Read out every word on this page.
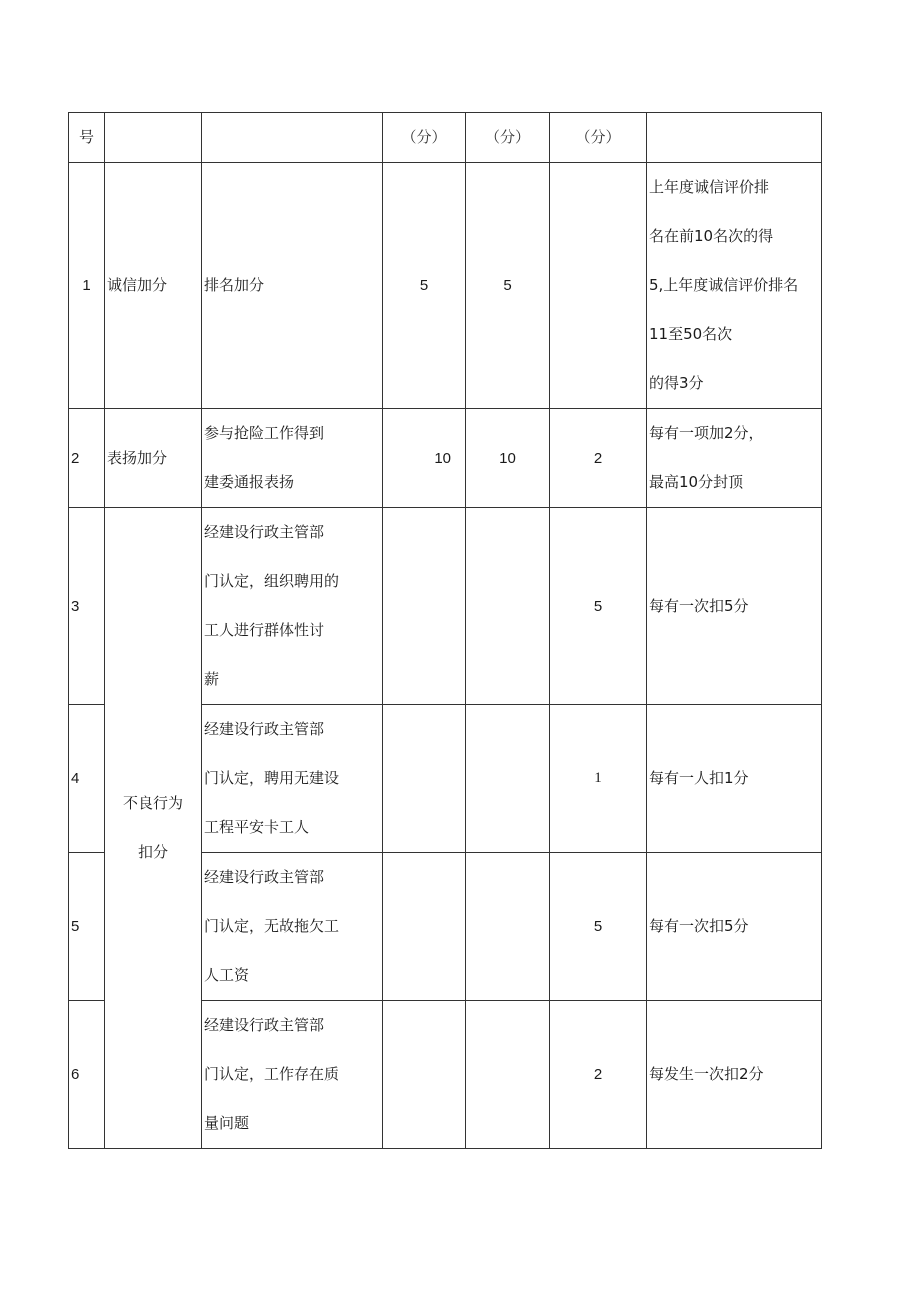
号			（分）	（分）	（分）	
1	诚信加分	排名加分	5	5		上年度诚信评价排
名在前10名次的得
5,上年度诚信评价排名
11至50名次
的得3分

2	表扬加分	参与抢险工作得到
建委通报表扬	10	10	2	每有一项加2分，
最高10分封顶

3	不良行为
扣分	经建设行政主管部
门认定，组织聘用的
工人进行群体性讨
薪			5	每有一次扣5分
4		经建设行政主管部
门认定，聘用无建设
工程平安卡工人			1	每有一人扣1分
5		经建设行政主管部
门认定，无故拖欠工
人工资			5	每有一次扣5分
6		经建设行政主管部
门认定，工作存在质
量问题			2	每发生一次扣2分
